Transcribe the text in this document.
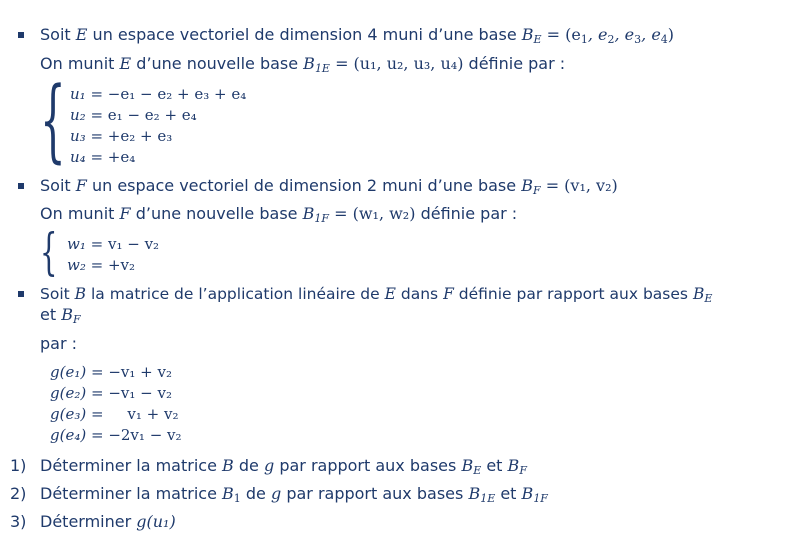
Soit E un espace vectoriel de dimension 4 muni d’une base $B_E = (e_1$, $e_2$, $e_3$, $e_4$)
On munit E d’une nouvelle base $B_{1E} = (u_1$, u₂, u₃, u₄) définie par :
{ u₁ = −e₁ − e₂ + e₃ + e₄
u₂ = e₁ − e₂ + e₄
u₃ = +e₂ + e₃
u₄ = +e₄
Soit F un espace vectoriel de dimension 2 muni d’une base $B_F = (v_1$, v₂)
On munit F d’une nouvelle base $B_{1F} = (w_1$, w₂) définie par :
{ w₁ = v₁ − v₂
w₂ = +v₂
Soit B la matrice de l’application linéaire de E dans F définie par rapport aux bases $B_E$
et $B_F$
par :
g(e₁) = −v₁ + v₂
g(e₂) = −v₁ − v₂
g(e₃) =     v₁ + v₂
g(e₄) = −2v₁ − v₂
1) Déterminer la matrice B de g par rapport aux bases $B_E$ et $B_F$
2) Déterminer la matrice $B_1$ de g par rapport aux bases $B_{1E}$ et $B_{1F}$
3) Déterminer g(u₁)
